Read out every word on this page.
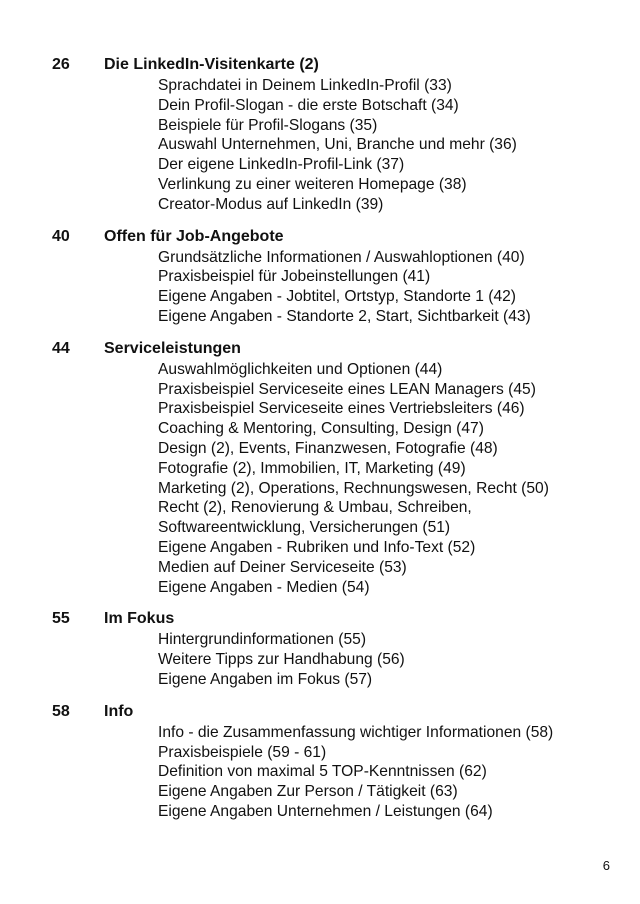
26	Die LinkedIn-Visitenkarte (2)
Sprachdatei in Deinem LinkedIn-Profil (33)
Dein Profil-Slogan - die erste Botschaft (34)
Beispiele für Profil-Slogans (35)
Auswahl Unternehmen, Uni, Branche und mehr (36)
Der eigene LinkedIn-Profil-Link (37)
Verlinkung zu einer weiteren Homepage (38)
Creator-Modus auf LinkedIn (39)
40	Offen für Job-Angebote
Grundsätzliche Informationen / Auswahloptionen (40)
Praxisbeispiel für Jobeinstellungen (41)
Eigene Angaben - Jobtitel, Ortstyp, Standorte 1 (42)
Eigene Angaben - Standorte 2, Start, Sichtbarkeit (43)
44	Serviceleistungen
Auswahlmöglichkeiten und Optionen (44)
Praxisbeispiel Serviceseite eines LEAN Managers (45)
Praxisbeispiel Serviceseite eines Vertriebsleiters (46)
Coaching & Mentoring, Consulting, Design (47)
Design (2), Events, Finanzwesen, Fotografie (48)
Fotografie (2), Immobilien, IT, Marketing (49)
Marketing (2), Operations, Rechnungswesen, Recht (50)
Recht (2), Renovierung & Umbau, Schreiben,
Softwareentwicklung, Versicherungen (51)
Eigene Angaben - Rubriken und Info-Text (52)
Medien auf Deiner Serviceseite (53)
Eigene Angaben - Medien (54)
55	Im Fokus
Hintergrundinformationen (55)
Weitere Tipps zur Handhabung (56)
Eigene Angaben im Fokus (57)
58	Info
Info - die Zusammenfassung wichtiger Informationen (58)
Praxisbeispiele (59 - 61)
Definition von maximal 5 TOP-Kenntnissen (62)
Eigene Angaben Zur Person / Tätigkeit (63)
Eigene Angaben Unternehmen / Leistungen (64)
6
